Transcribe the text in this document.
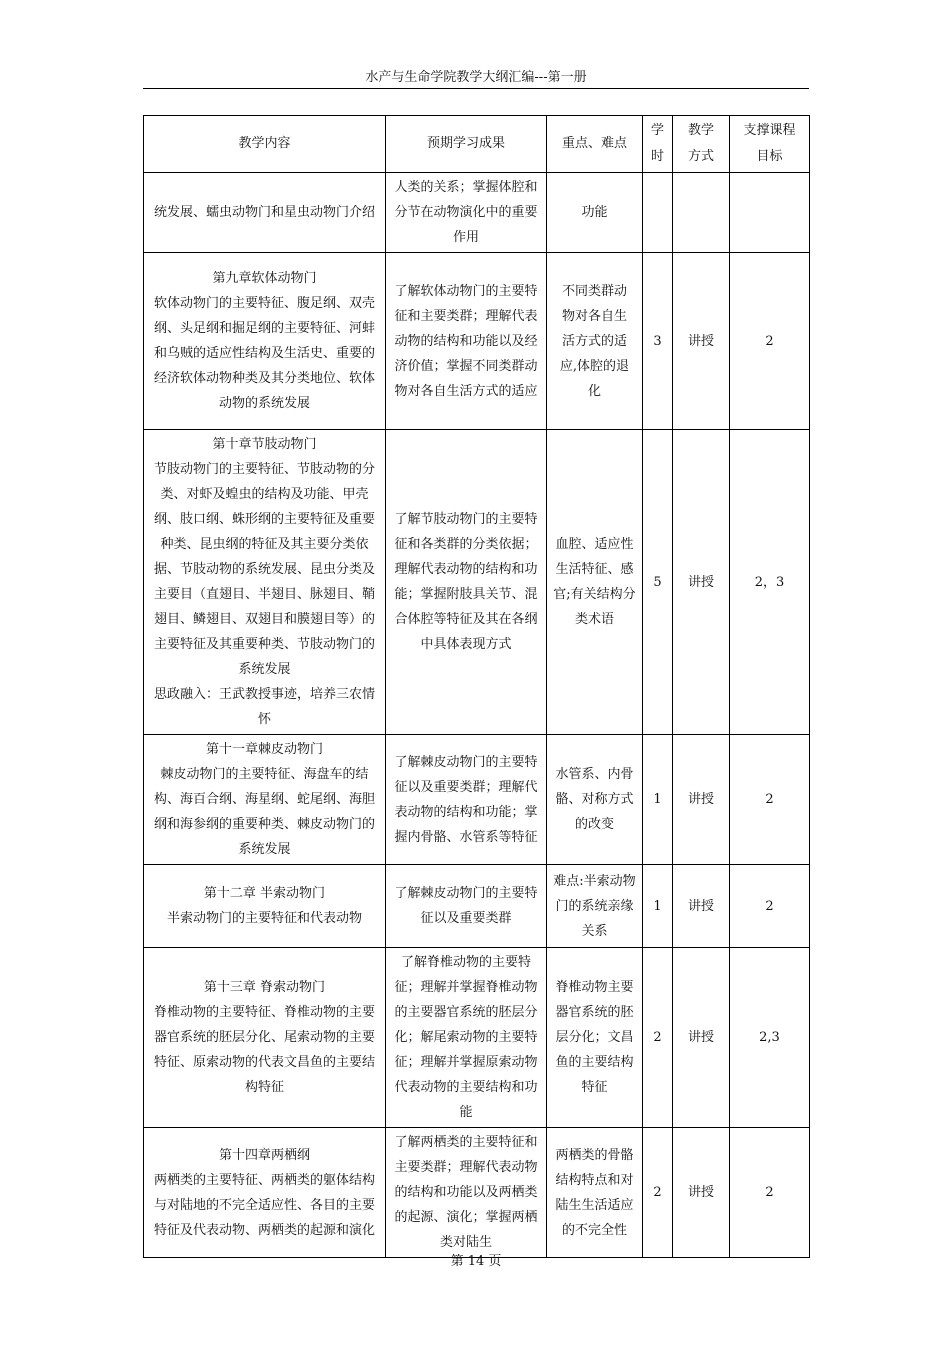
水产与生命学院教学大纲汇编---第一册
教学内容	预期学习成果	重点、难点	学时	教学方式	支撑课程目标

统发展、蠕虫动物门和星虫动物门介绍	人类的关系；掌握体腔和分节在动物演化中的重要作用	功能			

第九章软体动物门
软体动物门的主要特征、腹足纲、双壳纲、头足纲和掘足纲的主要特征、河蚌和乌贼的适应性结构及生活史、重要的经济软体动物种类及其分类地位、软体动物的系统发展	了解软体动物门的主要特征和主要类群；理解代表动物的结构和功能以及经济价值；掌握不同类群动物对各自生活方式的适应	不同类群动物对各自生活方式的适应,体腔的退化	3	讲授	2

第十章节肢动物门
节肢动物门的主要特征、节肢动物的分类、对虾及蝗虫的结构及功能、甲壳纲、肢口纲、蛛形纲的主要特征及重要种类、昆虫纲的特征及其主要分类依据、节肢动物的系统发展、昆虫分类及主要目（直翅目、半翅目、脉翅目、鞘翅目、鳞翅目、双翅目和膜翅目等）的主要特征及其重要种类、节肢动物门的系统发展
思政融入：王武教授事迹，培养三农情怀	了解节肢动物门的主要特征和各类群的分类依据；理解代表动物的结构和功能；掌握附肢具关节、混合体腔等特征及其在各纲中具体表现方式	血腔、适应性生活特征、感官;有关结构分类术语	5	讲授	2，3

第十一章棘皮动物门
棘皮动物门的主要特征、海盘车的结构、海百合纲、海星纲、蛇尾纲、海胆纲和海参纲的重要种类、棘皮动物门的系统发展	了解棘皮动物门的主要特征以及重要类群；理解代表动物的结构和功能；掌握内骨骼、水管系等特征	水管系、内骨骼、对称方式的改变	1	讲授	2

第十二章 半索动物门
半索动物门的主要特征和代表动物	了解棘皮动物门的主要特征以及重要类群	难点:半索动物门的系统亲缘关系	1	讲授	2

第十三章 脊索动物门
脊椎动物的主要特征、脊椎动物的主要器官系统的胚层分化、尾索动物的主要特征、原索动物的代表文昌鱼的主要结构特征	了解脊椎动物的主要特征；理解并掌握脊椎动物的主要器官系统的胚层分化；解尾索动物的主要特征；理解并掌握原索动物代表动物的主要结构和功能	脊椎动物主要器官系统的胚层分化；文昌鱼的主要结构特征	2	讲授	2,3

第十四章两栖纲
两栖类的主要特征、两栖类的躯体结构与对陆地的不完全适应性、各目的主要特征及代表动物、两栖类的起源和演化	了解两栖类的主要特征和主要类群；理解代表动物的结构和功能以及两栖类的起源、演化；掌握两栖类对陆生	两栖类的骨骼结构特点和对陆生生活适应的不完全性	2	讲授	2
第 14 页
